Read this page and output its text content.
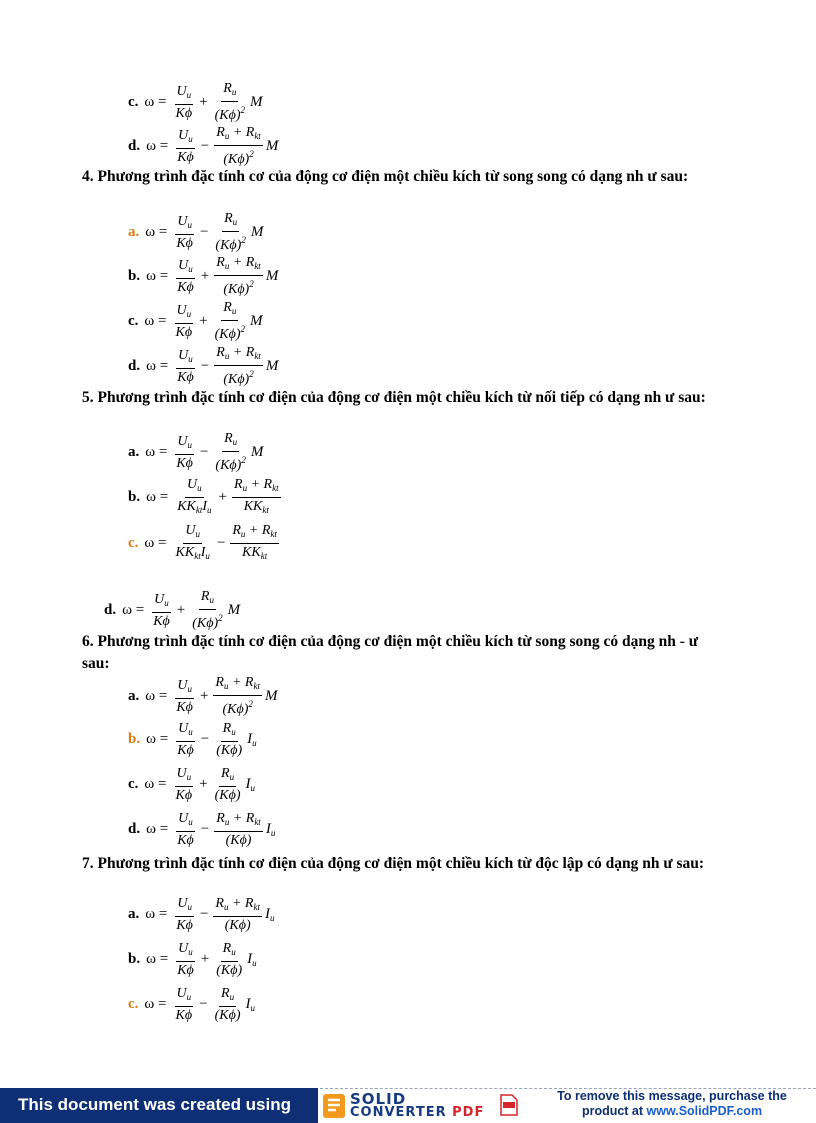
c. $\omega = \frac{U_u}{K\phi} + \frac{R_u}{(K\phi)^2}$ M
d. $\omega = \frac{U_u}{K\phi} - \frac{R_u + R_{kt}}{(K\phi)^2}$ M
4. Phương trình đặc tính cơ của động cơ điện một chiều kích từ song song có dạng nh ư sau:
a. $\omega = \frac{U_u}{K\phi} - \frac{R_u}{(K\phi)^2}$ M
b. $\omega = \frac{U_u}{K\phi} + \frac{R_u + R_{kt}}{(K\phi)^2}$ M
c. $\omega = \frac{U_u}{K\phi} + \frac{R_u}{(K\phi)^2}$ M
d. $\omega = \frac{U_u}{K\phi} - \frac{R_u + R_{kt}}{(K\phi)^2}$ M
5. Phương trình đặc tính cơ điện của động cơ điện một chiều kích từ nối tiếp có dạng nh ư sau:
a. $\omega = \frac{U_u}{K\phi} - \frac{R_u}{(K\phi)^2}$ M
b. $\omega = \frac{U_u}{KK_{kt}I_u} + \frac{R_u + R_{kt}}{KK_{kt}}$
c. $\omega = \frac{U_u}{KK_{kt}I_u} - \frac{R_u + R_{kt}}{KK_{kt}}$
d. $\omega = \frac{U_u}{K\phi} + \frac{R_u}{(K\phi)^2}$ M
6. Phương trình đặc tính cơ điện của động cơ điện một chiều kích từ song song có dạng nh - ư sau:
a. $\omega = \frac{U_u}{K\phi} + \frac{R_u + R_{kt}}{(K\phi)^2}$ M
b. $\omega = \frac{U_u}{K\phi} - \frac{R_u}{(K\phi)} I_u$
c. $\omega = \frac{U_u}{K\phi} + \frac{R_u}{(K\phi)} I_u$
d. $\omega = \frac{U_u}{K\phi} - \frac{R_u + R_{kt}}{(K\phi)} I_u$
7. Phương trình đặc tính cơ điện của động cơ điện một chiều kích từ độc lập có dạng nh ư sau:
a. $\omega = \frac{U_u}{K\phi} - \frac{R_u + R_{kt}}{(K\phi)} I_u$
b. $\omega = \frac{U_u}{K\phi} + \frac{R_u}{(K\phi)} I_u$
c. $\omega = \frac{U_u}{K\phi} - \frac{R_u}{(K\phi)} I_u$
This document was created using	SOLID
CONVERTER PDF
To remove this message, purchase the
product at www.SolidPDF.com
